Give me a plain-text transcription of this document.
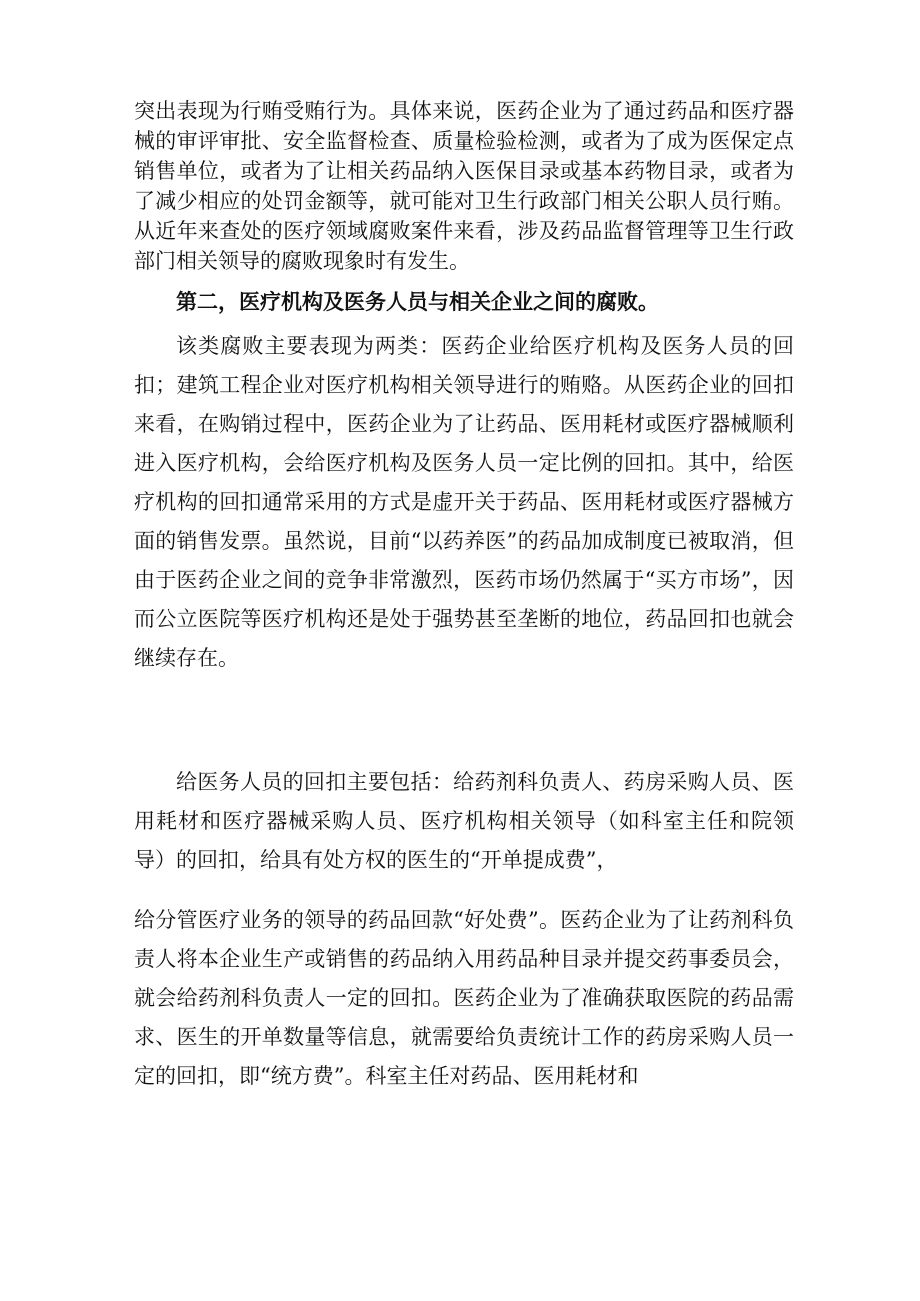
突出表现为行贿受贿行为。具体来说，医药企业为了通过药品和医疗器械的审评审批、安全监督检查、质量检验检测，或者为了成为医保定点销售单位，或者为了让相关药品纳入医保目录或基本药物目录，或者为了减少相应的处罚金额等，就可能对卫生行政部门相关公职人员行贿。从近年来查处的医疗领域腐败案件来看，涉及药品监督管理等卫生行政部门相关领导的腐败现象时有发生。
第二，医疗机构及医务人员与相关企业之间的腐败。
该类腐败主要表现为两类：医药企业给医疗机构及医务人员的回扣；建筑工程企业对医疗机构相关领导进行的贿赂。从医药企业的回扣来看，在购销过程中，医药企业为了让药品、医用耗材或医疗器械顺利进入医疗机构，会给医疗机构及医务人员一定比例的回扣。其中，给医疗机构的回扣通常采用的方式是虚开关于药品、医用耗材或医疗器械方面的销售发票。虽然说，目前“以药养医”的药品加成制度已被取消，但由于医药企业之间的竞争非常激烈，医药市场仍然属于“买方市场”，因而公立医院等医疗机构还是处于强势甚至垄断的地位，药品回扣也就会继续存在。
给医务人员的回扣主要包括：给药剂科负责人、药房采购人员、医用耗材和医疗器械采购人员、医疗机构相关领导（如科室主任和院领导）的回扣，给具有处方权的医生的“开单提成费”，
给分管医疗业务的领导的药品回款“好处费”。医药企业为了让药剂科负责人将本企业生产或销售的药品纳入用药品种目录并提交药事委员会，就会给药剂科负责人一定的回扣。医药企业为了准确获取医院的药品需求、医生的开单数量等信息，就需要给负责统计工作的药房采购人员一定的回扣，即“统方费”。科室主任对药品、医用耗材和
